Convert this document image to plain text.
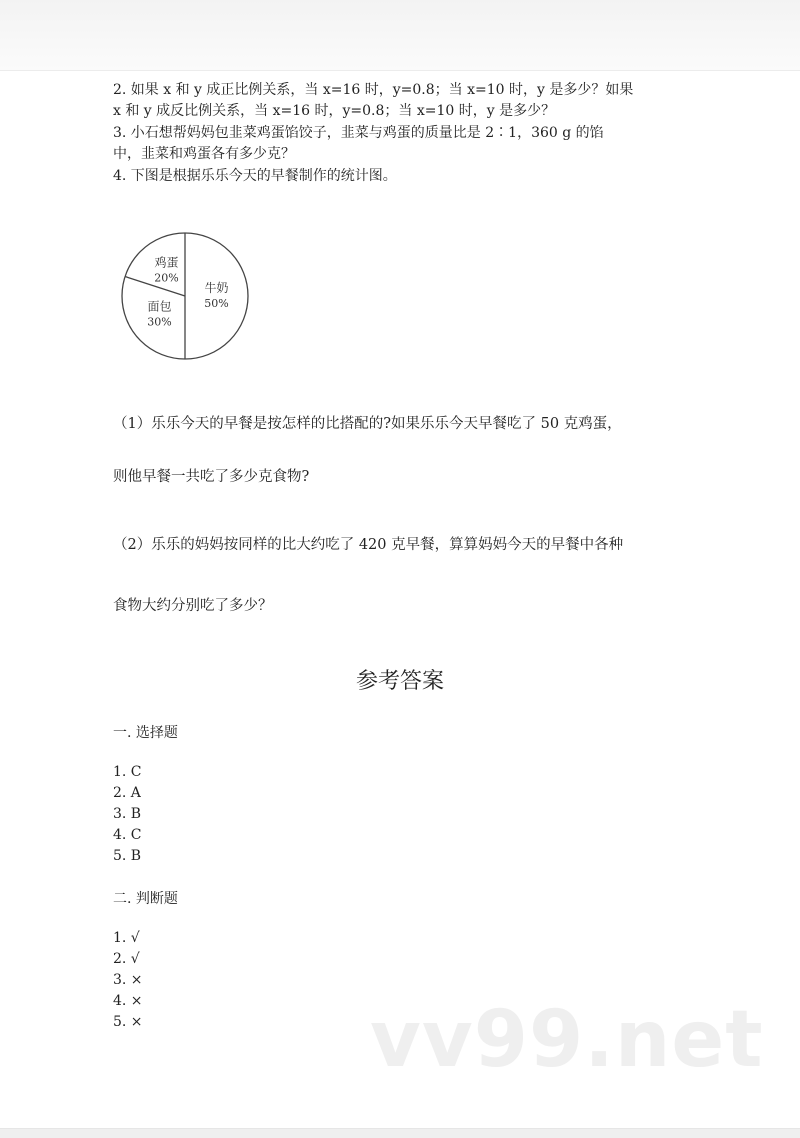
2. 如果 x 和 y 成正比例关系，当 x=16 时，y=0.8；当 x=10 时，y 是多少？如果
x 和 y 成反比例关系，当 x=16 时，y=0.8；当 x=10 时，y 是多少？
3. 小石想帮妈妈包韭菜鸡蛋馅饺子，韭菜与鸡蛋的质量比是 2∶1，360 g 的馅
中，韭菜和鸡蛋各有多少克？
4. 下图是根据乐乐今天的早餐制作的统计图。
牛奶
50%
面包
30%
鸡蛋
20%
（1）乐乐今天的早餐是按怎样的比搭配的?如果乐乐今天早餐吃了 50 克鸡蛋，
则他早餐一共吃了多少克食物?
（2）乐乐的妈妈按同样的比大约吃了 420 克早餐，算算妈妈今天的早餐中各种
食物大约分别吃了多少？
参考答案
一. 选择题
1. C
2. A
3. B
4. C
5. B
二. 判断题
1. √
2. √
3. ×
4. ×
5. ×	vv99.net
